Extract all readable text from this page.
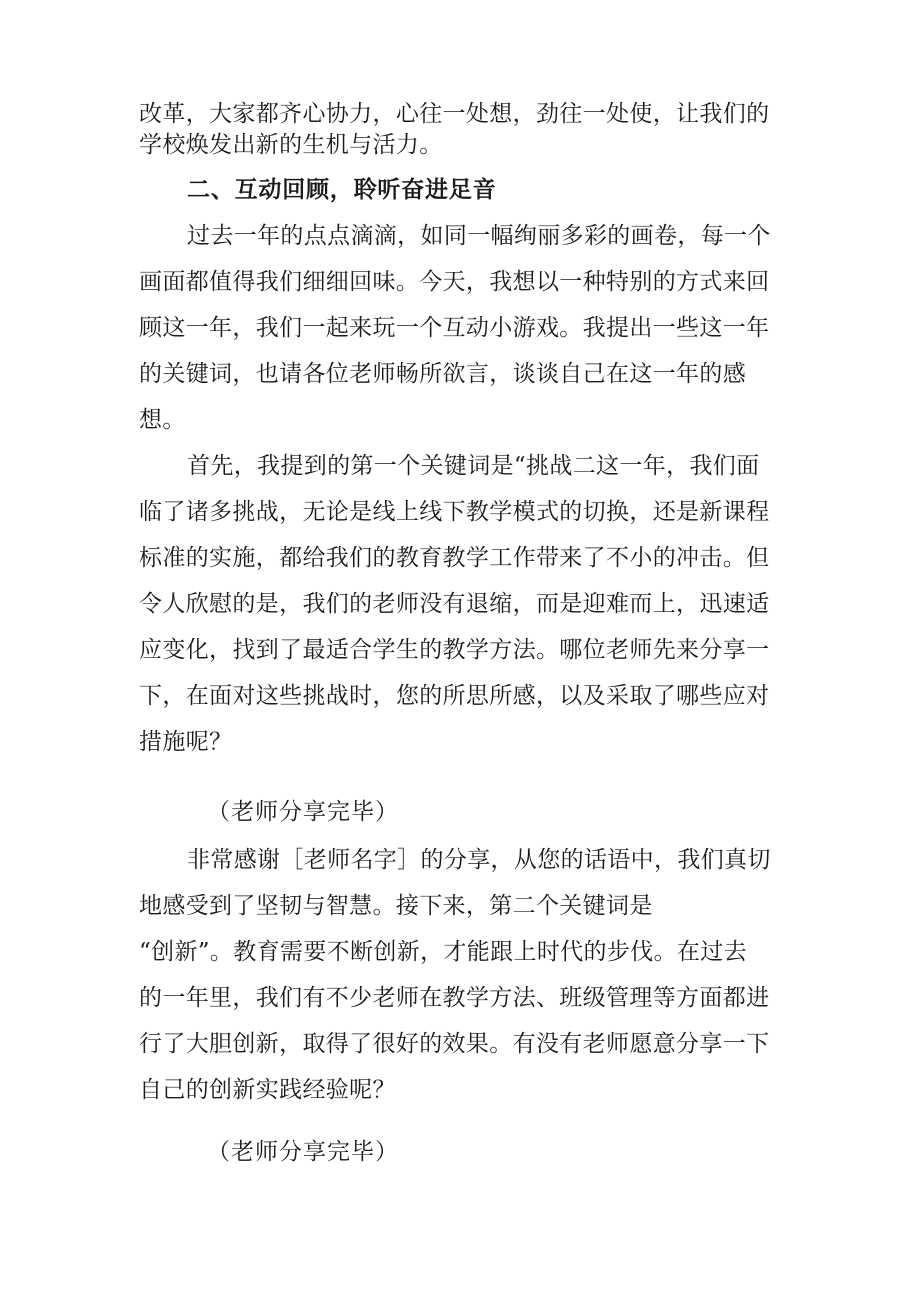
改革，大家都齐心协力，心往一处想，劲往一处使，让我们的

学校焕发出新的生机与活力。

二、互动回顾，聆听奋进足音

过去一年的点点滴滴，如同一幅绚丽多彩的画卷，每一个

画面都值得我们细细回味。今天，我想以一种特别的方式来回

顾这一年，我们一起来玩一个互动小游戏。我提出一些这一年

的关键词，也请各位老师畅所欲言，谈谈自己在这一年的感

想。

首先，我提到的第一个关键词是“挑战二这一年，我们面

临了诸多挑战，无论是线上线下教学模式的切换，还是新课程

标准的实施，都给我们的教育教学工作带来了不小的冲击。但

令人欣慰的是，我们的老师没有退缩，而是迎难而上，迅速适

应变化，找到了最适合学生的教学方法。哪位老师先来分享一

下，在面对这些挑战时，您的所思所感，以及采取了哪些应对

措施呢？

（老师分享完毕）

非常感谢［老师名字］的分享，从您的话语中，我们真切

地感受到了坚韧与智慧。接下来，第二个关键词是

“创新”。教育需要不断创新，才能跟上时代的步伐。在过去

的一年里，我们有不少老师在教学方法、班级管理等方面都进

行了大胆创新，取得了很好的效果。有没有老师愿意分享一下

自己的创新实践经验呢？

（老师分享完毕）
